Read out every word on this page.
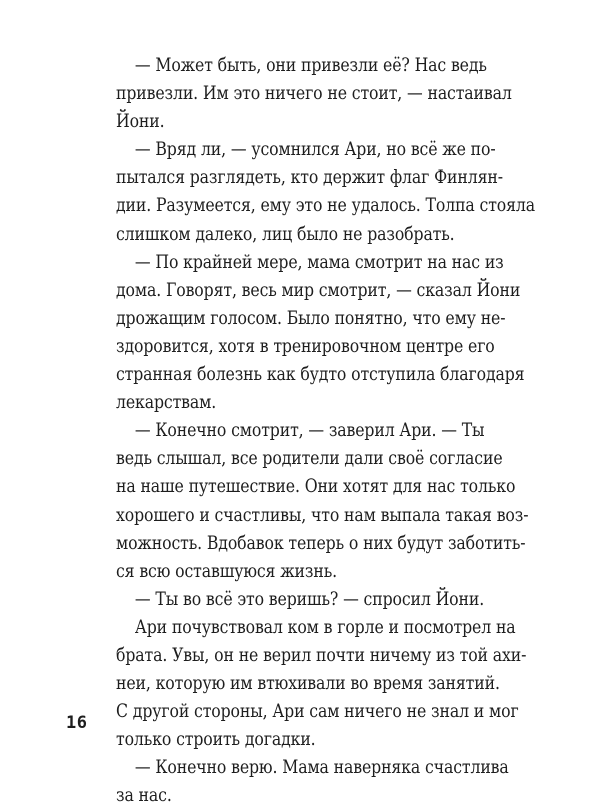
— Может быть, они привезли её? Нас ведь
привезли. Им это ничего не стоит, — настаивал
Йони.
— Вряд ли, — усомнился Ари, но всё же по-
пытался разглядеть, кто держит флаг Финлян-
дии. Разумеется, ему это не удалось. Толпа стояла
слишком далеко, лиц было не разобрать.
— По крайней мере, мама смотрит на нас из
дома. Говорят, весь мир смотрит, — сказал Йони
дрожащим голосом. Было понятно, что ему не-
здоровится, хотя в тренировочном центре его
странная болезнь как будто отступила благодаря
лекарствам.
— Конечно смотрит, — заверил Ари. — Ты
ведь слышал, все родители дали своё согласие
на наше путешествие. Они хотят для нас только
хорошего и счастливы, что нам выпала такая воз-
можность. Вдобавок теперь о них будут заботить-
ся всю оставшуюся жизнь.
— Ты во всё это веришь? — спросил Йони.
Ари почувствовал ком в горле и посмотрел на
брата. Увы, он не верил почти ничему из той ахи-
неи, которую им втюхивали во время занятий.
С другой стороны, Ари сам ничего не знал и мог
только строить догадки.
— Конечно верю. Мама наверняка счастлива
за нас.
16
